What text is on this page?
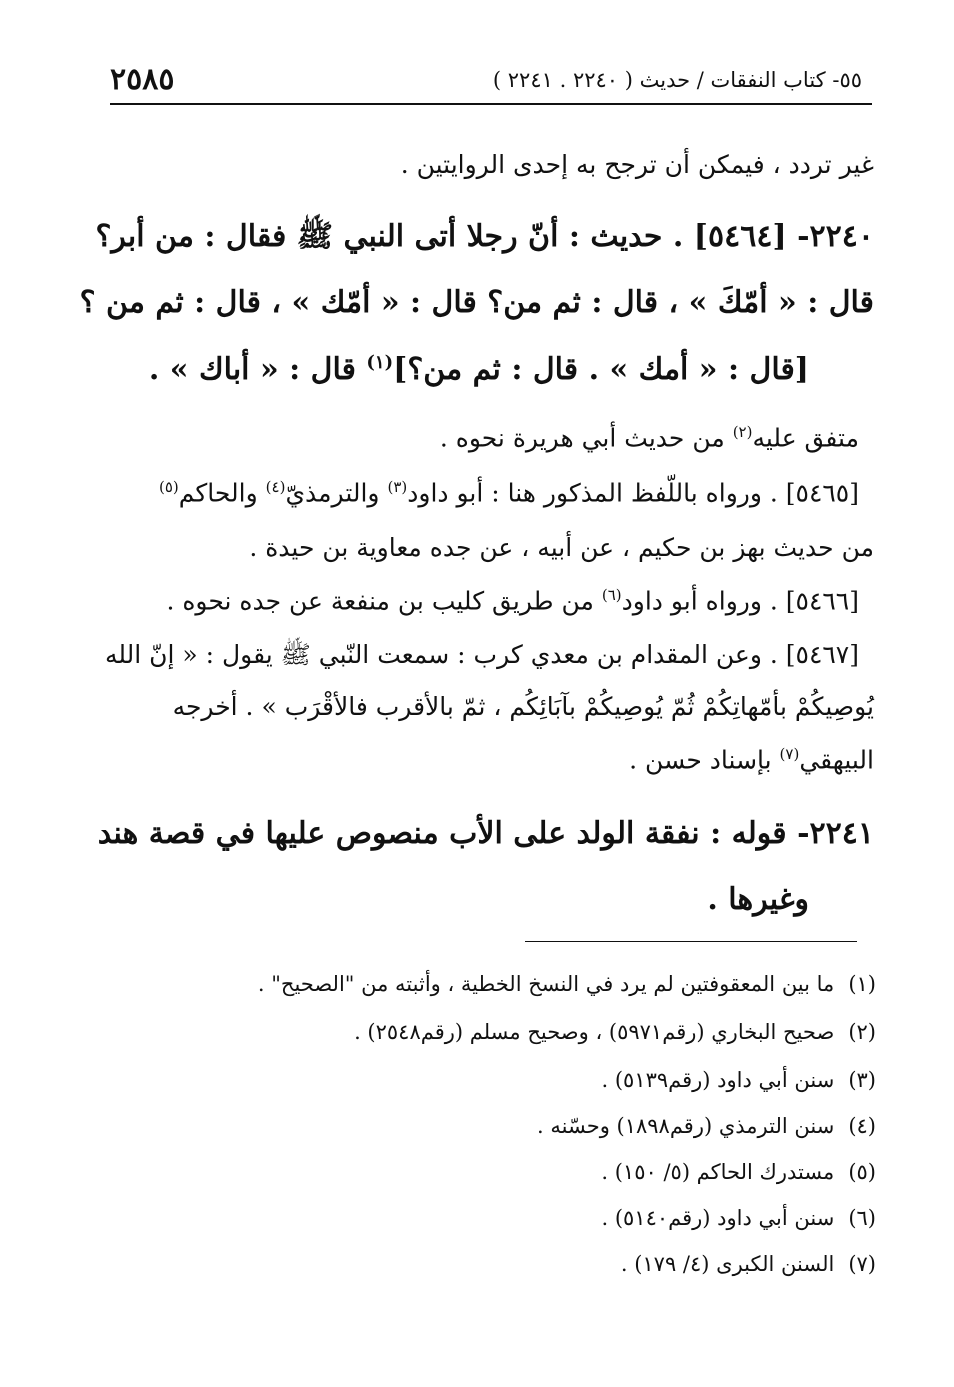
٢٥٨٥	٥٥- كتاب النفقات / حديث ( ٢٢٤٠ . ٢٢٤١ )
غير تردد ، فيمكن أن ترجح به إحدى الروايتين .
٢٢٤٠- [٥٤٦٤] . حديث : أنّ رجلا أتى النبي ﷺ فقال : من أبر؟
قال : « أمّكَ » ، قال : ثم من؟ قال : « أمّك » ، قال : ثم من ؟
[قال : « أمك » . قال : ثم من؟]$^{(١)}$ قال : « أباك » .
متفق عليه$^{(٢)}$ من حديث أبي هريرة نحوه .
[٥٤٦٥] . ورواه باللّفظ المذكور هنا : أبو داود$^{(٣)}$ والترمذيّ$^{(٤)}$ والحاكم$^{(٥)}$
من حديث بهز بن حكيم ، عن أبيه ، عن جده معاوية بن حيدة .
[٥٤٦٦] . ورواه أبو داود$^{(٦)}$ من طريق كليب بن منفعة عن جده نحوه .
[٥٤٦٧] . وعن المقدام بن معدي كرب : سمعت النّبي ﷺ يقول : « إنّ الله
يُوصِيكُمْ بأمّهاتِكُمْ ثُمّ يُوصِيكُمْ بآبَائِكُم ، ثمّ بالأقرب فالأقْرَب » . أخرجه
البيهقي$^{(٧)}$ بإسناد حسن .
٢٢٤١- قوله : نفقة الولد على الأب منصوص عليها في قصة هند
وغيرها .
(١)ما بين المعقوفتين لم يرد في النسخ الخطية ، وأثبته من "الصحيح" .
(٢)صحيح البخاري (رقم٥٩٧١) ، وصحيح مسلم (رقم٢٥٤٨) .
(٣)سنن أبي داود (رقم٥١٣٩) .
(٤)سنن الترمذي (رقم١٨٩٨) وحسّنه .
(٥)مستدرك الحاكم (٥/ ١٥٠) .
(٦)سنن أبي داود (رقم٥١٤٠) .
(٧)السنن الكبرى (٤/ ١٧٩) .
